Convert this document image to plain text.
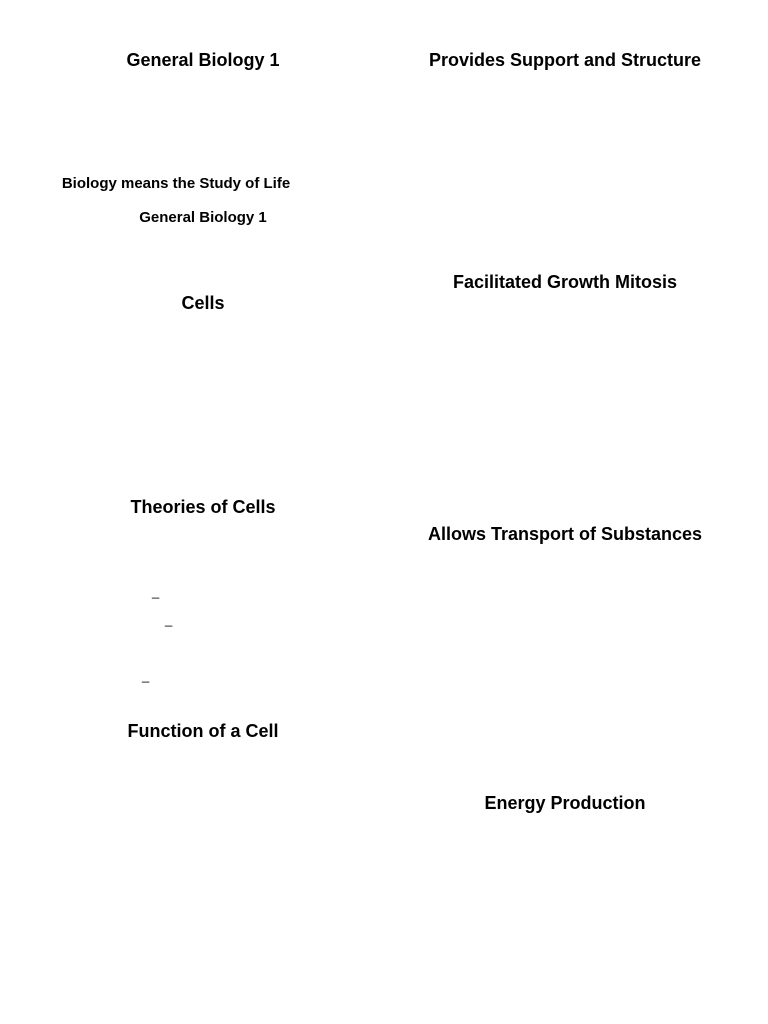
General Biology 1
Biology means the Study of Life
General Biology 1
Cells
Theories of Cells
_
_
_
Function of a Cell
Provides Support and Structure
Facilitated Growth Mitosis
Allows Transport of Substances
Energy Production
